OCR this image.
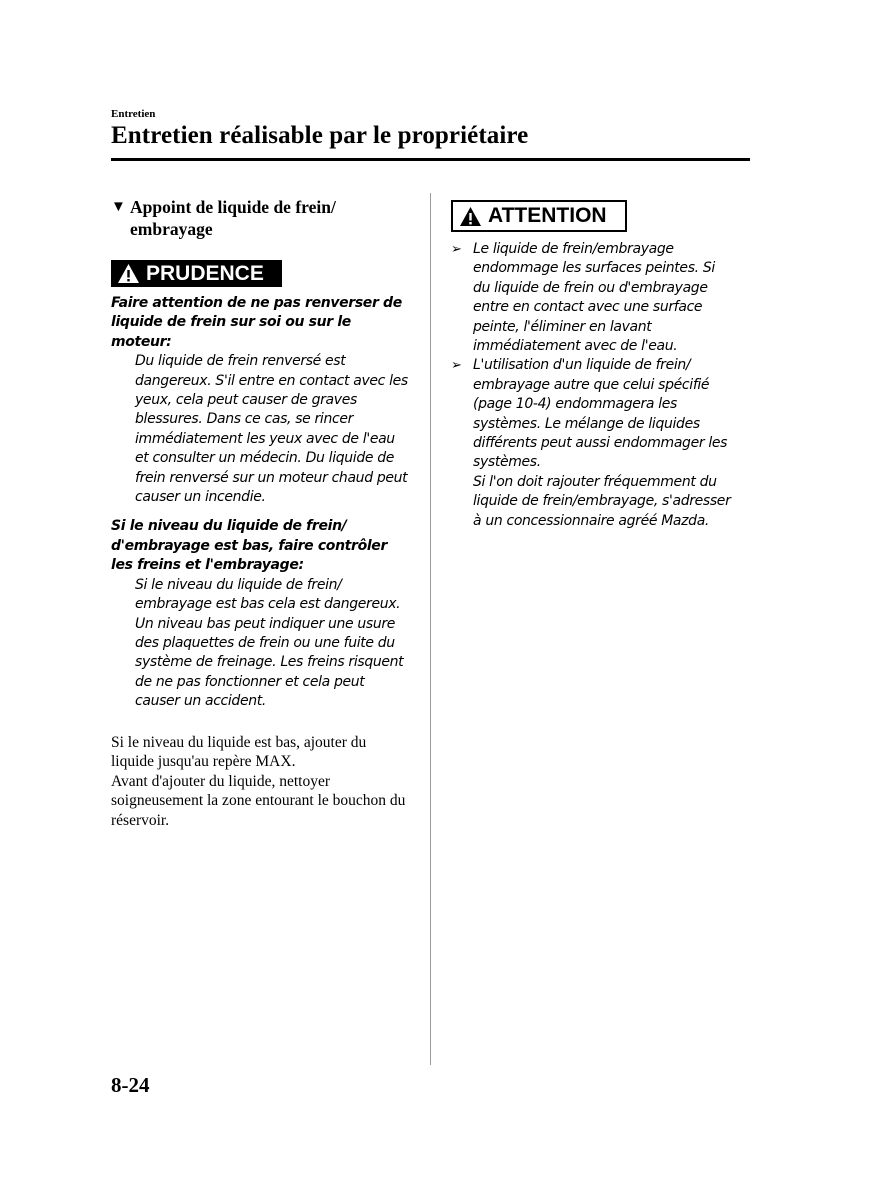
Entretien
Entretien réalisable par le propriétaire
▼ Appoint de liquide de frein/
embrayage
PRUDENCE
Faire attention de ne pas renverser de liquide de frein sur soi ou sur le moteur:
Du liquide de frein renversé est dangereux. S'il entre en contact avec les yeux, cela peut causer de graves blessures. Dans ce cas, se rincer immédiatement les yeux avec de l'eau et consulter un médecin. Du liquide de frein renversé sur un moteur chaud peut causer un incendie.
Si le niveau du liquide de frein/ d'embrayage est bas, faire contrôler les freins et l'embrayage:
Si le niveau du liquide de frein/ embrayage est bas cela est dangereux. Un niveau bas peut indiquer une usure des plaquettes de frein ou une fuite du système de freinage. Les freins risquent de ne pas fonctionner et cela peut causer un accident.
Si le niveau du liquide est bas, ajouter du liquide jusqu'au repère MAX.
Avant d'ajouter du liquide, nettoyer soigneusement la zone entourant le bouchon du réservoir.
ATTENTION
➢ Le liquide de frein/embrayage endommage les surfaces peintes. Si du liquide de frein ou d'embrayage entre en contact avec une surface peinte, l'éliminer en lavant immédiatement avec de l'eau.
➢ L'utilisation d'un liquide de frein/ embrayage autre que celui spécifié (page 10-4) endommagera les systèmes. Le mélange de liquides différents peut aussi endommager les systèmes.
Si l'on doit rajouter fréquemment du liquide de frein/embrayage, s'adresser à un concessionnaire agréé Mazda.
8-24
